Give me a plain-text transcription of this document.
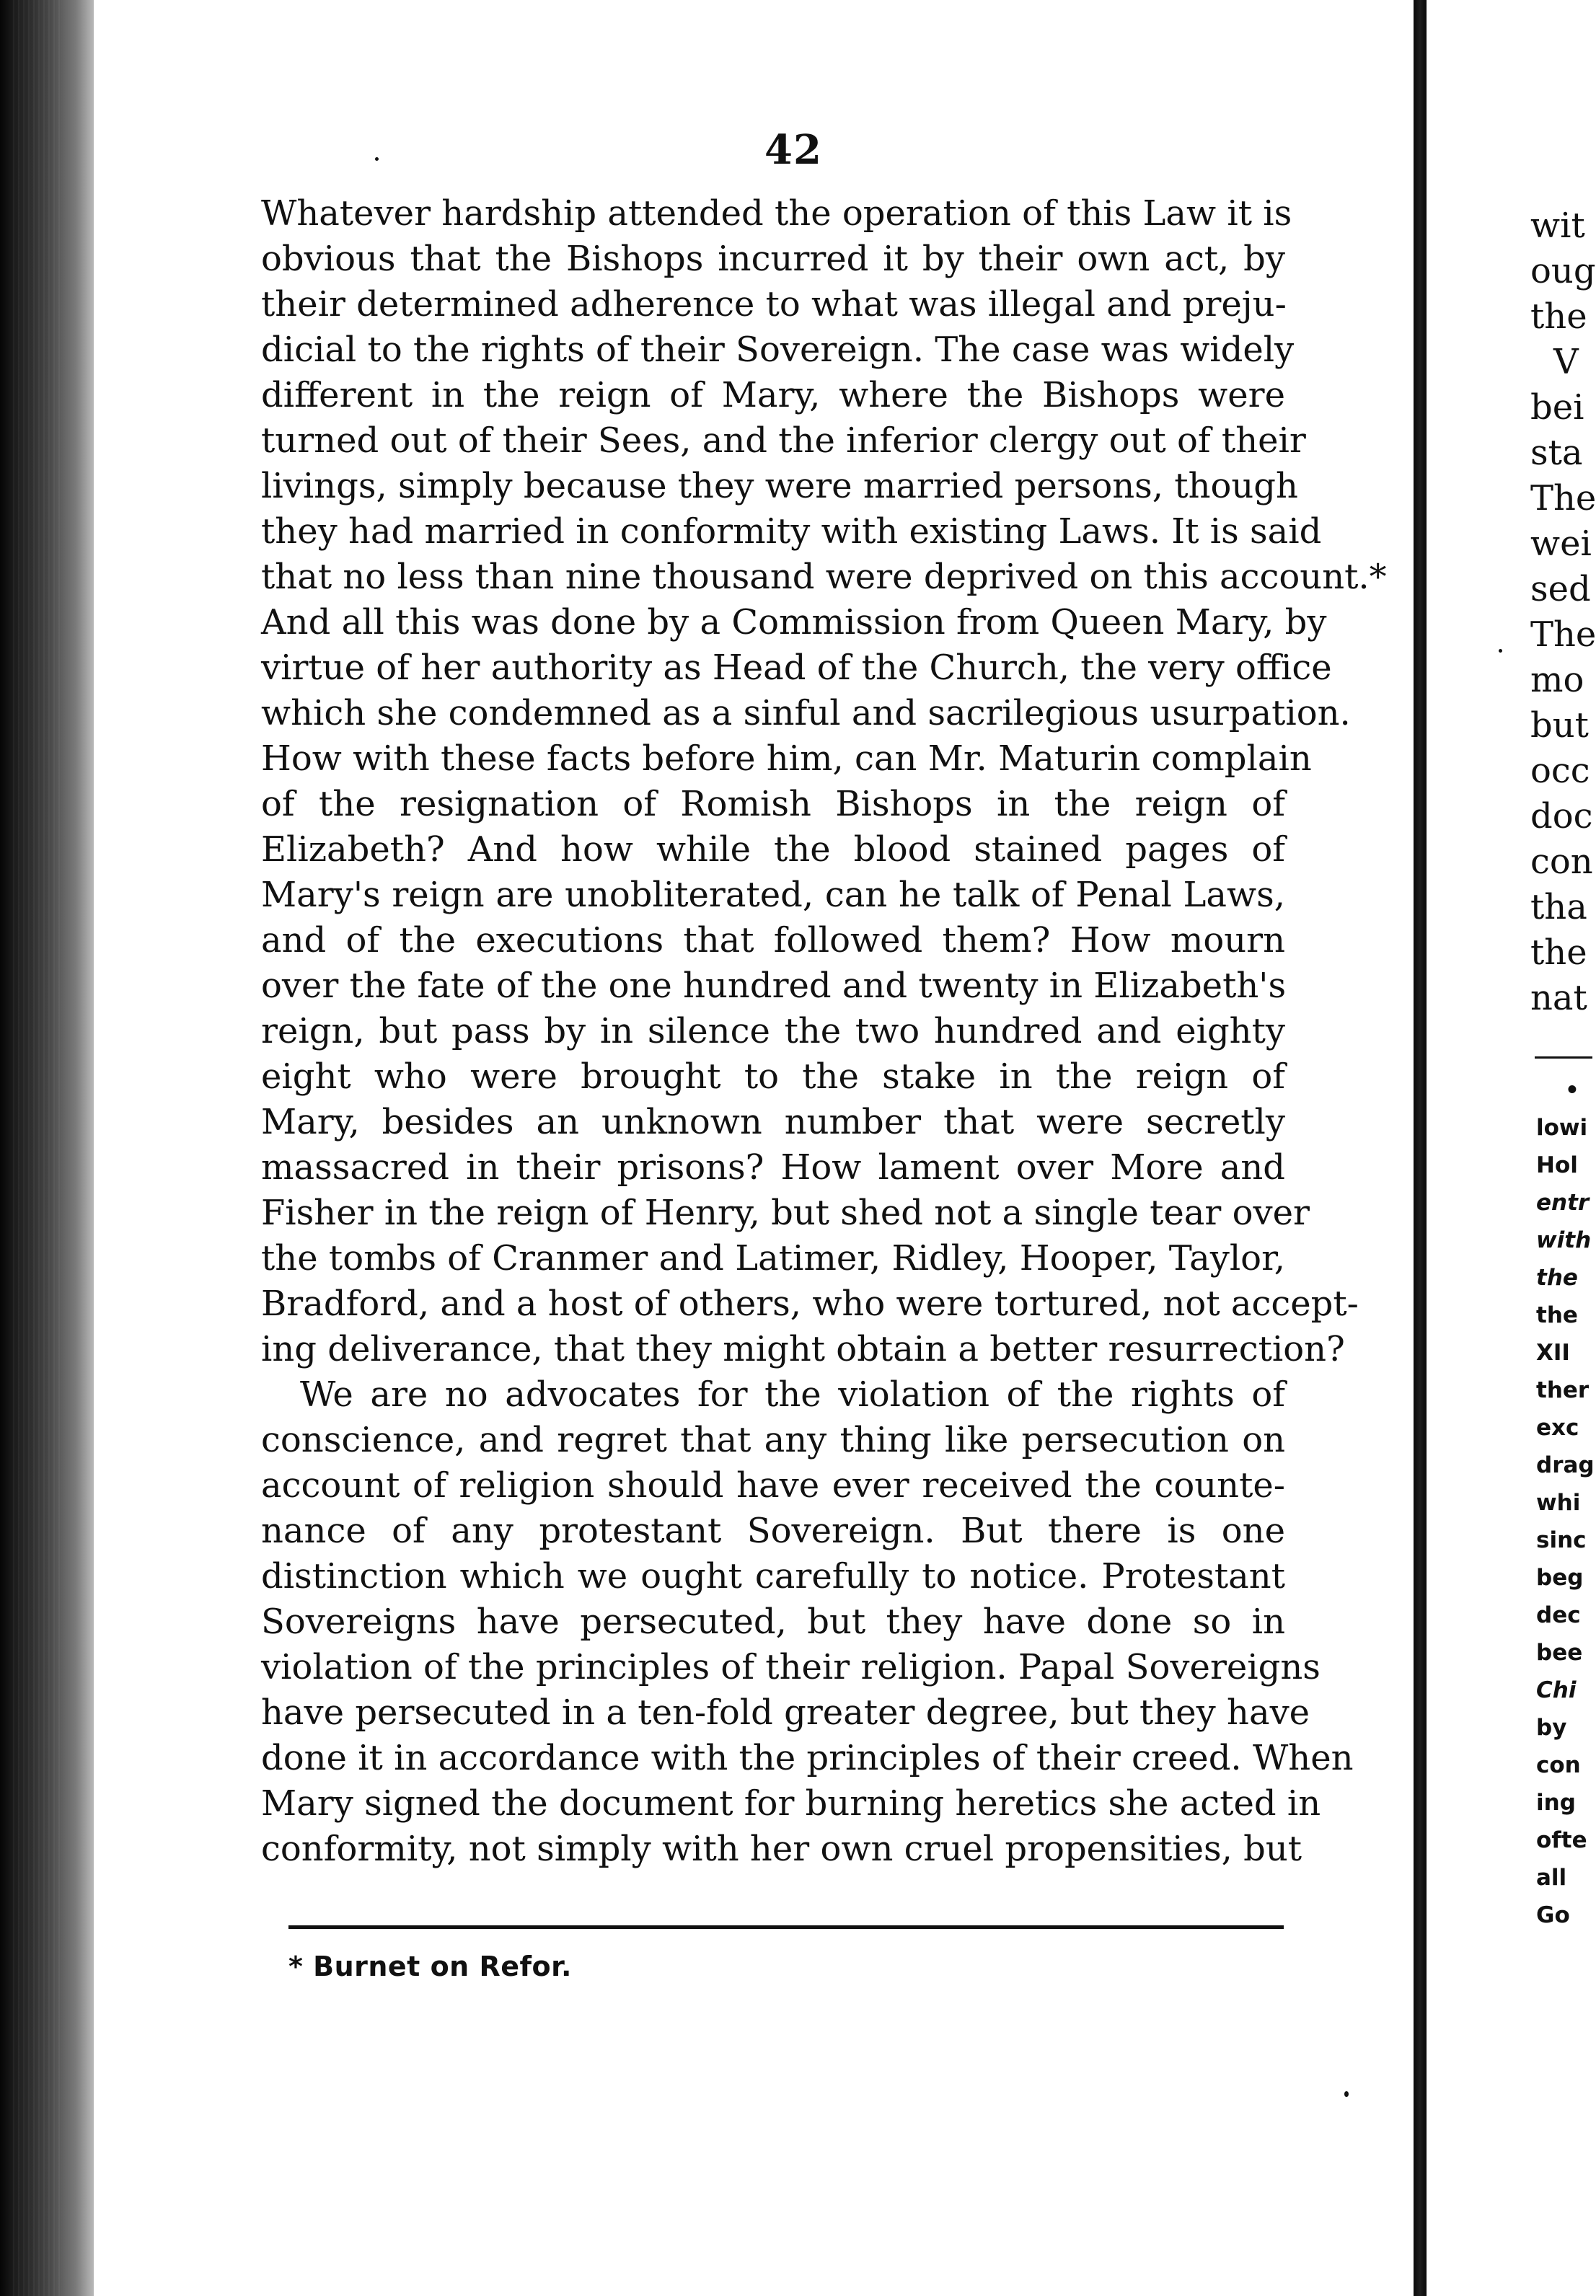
42
Whatever hardship attended the operation of this Law it is
obvious that the Bishops incurred it by their own act, by
their determined adherence to what was illegal and preju-
dicial to the rights of their Sovereign. The case was widely
different in the reign of Mary, where the Bishops were
turned out of their Sees, and the inferior clergy out of their
livings, simply because they were married persons, though
they had married in conformity with existing Laws. It is said
that no less than nine thousand were deprived on this account.*
And all this was done by a Commission from Queen Mary, by
virtue of her authority as Head of the Church, the very office
which she condemned as a sinful and sacrilegious usurpation.
How with these facts before him, can Mr. Maturin complain
of the resignation of Romish Bishops in the reign of
Elizabeth? And how while the blood stained pages of
Mary's reign are unobliterated, can he talk of Penal Laws,
and of the executions that followed them? How mourn
over the fate of the one hundred and twenty in Elizabeth's
reign, but pass by in silence the two hundred and eighty
eight who were brought to the stake in the reign of
Mary, besides an unknown number that were secretly
massacred in their prisons? How lament over More and
Fisher in the reign of Henry, but shed not a single tear over
the tombs of Cranmer and Latimer, Ridley, Hooper, Taylor,
Bradford, and a host of others, who were tortured, not accept-
ing deliverance, that they might obtain a better resurrection?
We are no advocates for the violation of the rights of
conscience, and regret that any thing like persecution on
account of religion should have ever received the counte-
nance of any protestant Sovereign. But there is one
distinction which we ought carefully to notice. Protestant
Sovereigns have persecuted, but they have done so in
violation of the principles of their religion. Papal Sovereigns
have persecuted in a ten-fold greater degree, but they have
done it in accordance with the principles of their creed. When
Mary signed the document for burning heretics she acted in
conformity, not simply with her own cruel propensities, but
* Burnet on Refor.
wit
oug
the
V
bei
sta
The
wei
sed
The
mo
but
occ
doc
con
tha
the
nat
•
lowi
Hol
entr
with
the
the
XII
ther
exc
drag
whi
sinc
beg
dec
bee
Chi
by
con
ing
ofte
all
Go
